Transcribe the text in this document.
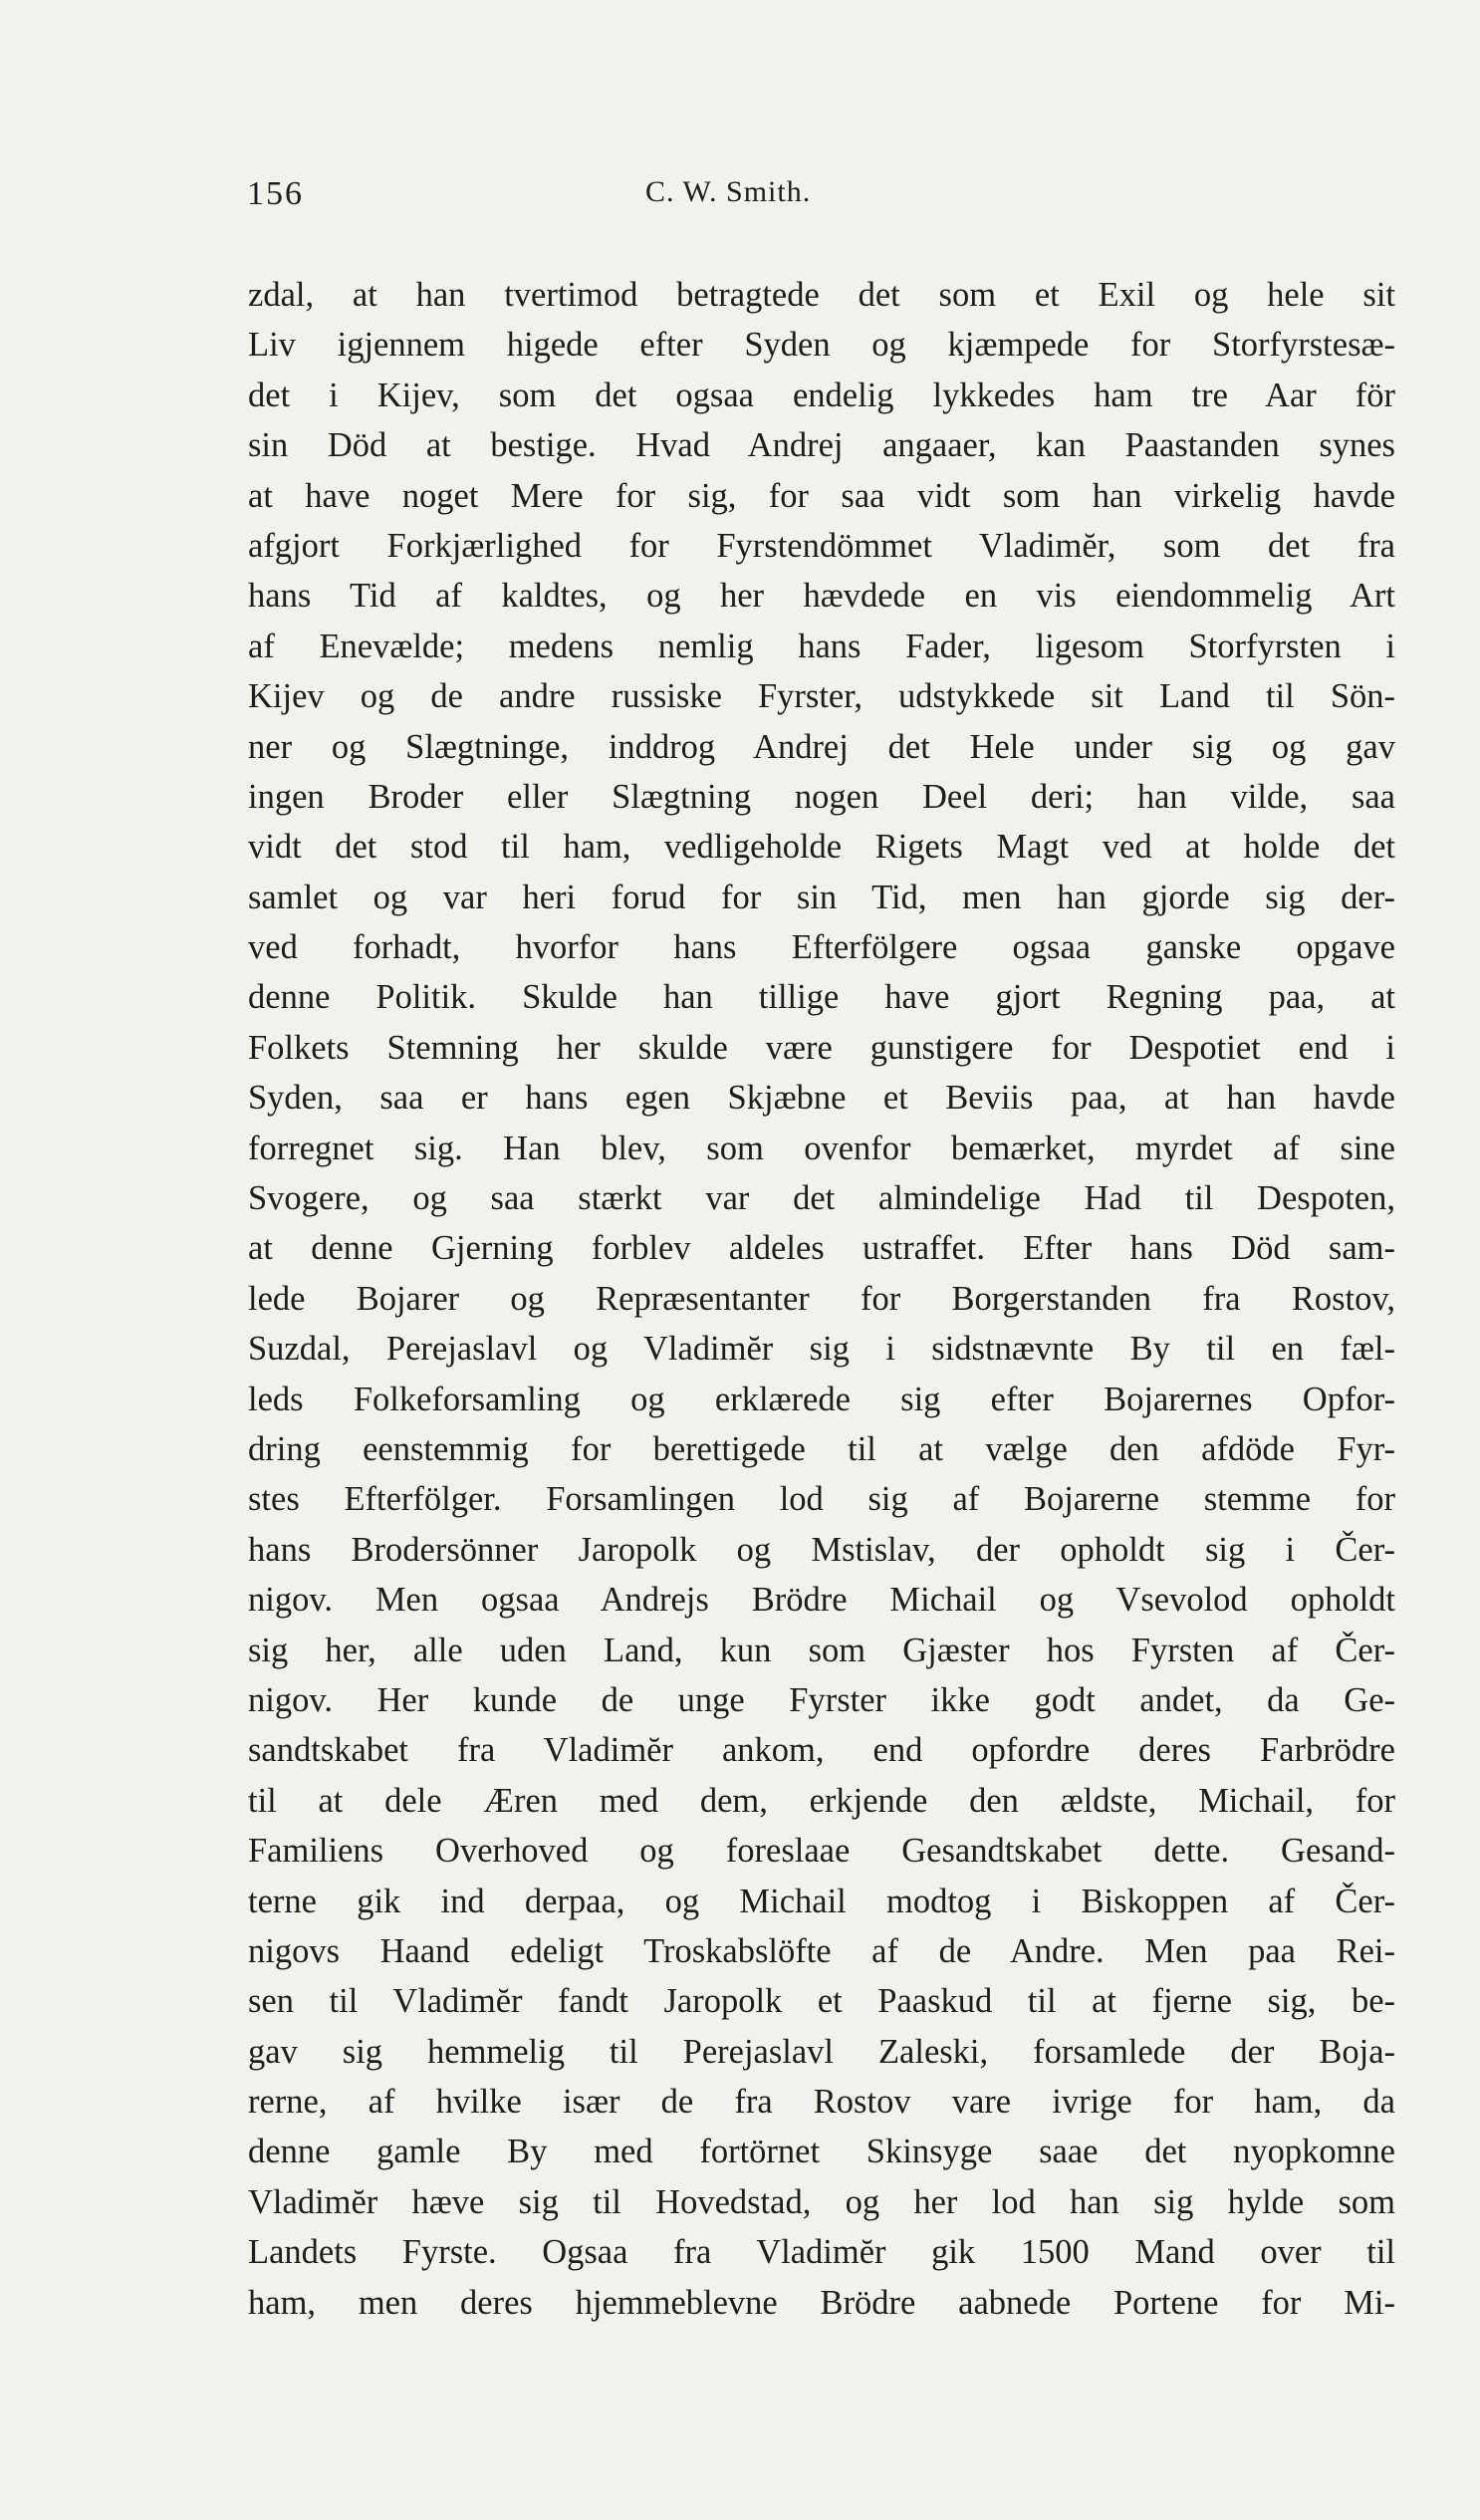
156	C. W. Smith.
zdal, at han tvertimod betragtede det som et Exil og hele sit
Liv igjennem higede efter Syden og kjæmpede for Storfyrstesæ-
det i Kijev, som det ogsaa endelig lykkedes ham tre Aar för
sin Död at bestige. Hvad Andrej angaaer, kan Paastanden synes
at have noget Mere for sig, for saa vidt som han virkelig havde
afgjort Forkjærlighed for Fyrstendömmet Vladimĕr, som det fra
hans Tid af kaldtes, og her hævdede en vis eiendommelig Art
af Enevælde; medens nemlig hans Fader, ligesom Storfyrsten i
Kijev og de andre russiske Fyrster, udstykkede sit Land til Sön-
ner og Slægtninge, inddrog Andrej det Hele under sig og gav
ingen Broder eller Slægtning nogen Deel deri; han vilde, saa
vidt det stod til ham, vedligeholde Rigets Magt ved at holde det
samlet og var heri forud for sin Tid, men han gjorde sig der-
ved forhadt, hvorfor hans Efterfölgere ogsaa ganske opgave
denne Politik. Skulde han tillige have gjort Regning paa, at
Folkets Stemning her skulde være gunstigere for Despotiet end i
Syden, saa er hans egen Skjæbne et Beviis paa, at han havde
forregnet sig. Han blev, som ovenfor bemærket, myrdet af sine
Svogere, og saa stærkt var det almindelige Had til Despoten,
at denne Gjerning forblev aldeles ustraffet. Efter hans Död sam-
lede Bojarer og Repræsentanter for Borgerstanden fra Rostov,
Suzdal, Perejaslavl og Vladimĕr sig i sidstnævnte By til en fæl-
leds Folkeforsamling og erklærede sig efter Bojarernes Opfor-
dring eenstemmig for berettigede til at vælge den afdöde Fyr-
stes Efterfölger. Forsamlingen lod sig af Bojarerne stemme for
hans Brodersönner Jaropolk og Mstislav, der opholdt sig i Čer-
nigov. Men ogsaa Andrejs Brödre Michail og Vsevolod opholdt
sig her, alle uden Land, kun som Gjæster hos Fyrsten af Čer-
nigov. Her kunde de unge Fyrster ikke godt andet, da Ge-
sandtskabet fra Vladimĕr ankom, end opfordre deres Farbrödre
til at dele Æren med dem, erkjende den ældste, Michail, for
Familiens Overhoved og foreslaae Gesandtskabet dette. Gesand-
terne gik ind derpaa, og Michail modtog i Biskoppen af Čer-
nigovs Haand edeligt Troskabslöfte af de Andre. Men paa Rei-
sen til Vladimĕr fandt Jaropolk et Paaskud til at fjerne sig, be-
gav sig hemmelig til Perejaslavl Zaleski, forsamlede der Boja-
rerne, af hvilke især de fra Rostov vare ivrige for ham, da
denne gamle By med fortörnet Skinsyge saae det nyopkomne
Vladimĕr hæve sig til Hovedstad, og her lod han sig hylde som
Landets Fyrste. Ogsaa fra Vladimĕr gik 1500 Mand over til
ham, men deres hjemmeblevne Brödre aabnede Portene for Mi-
